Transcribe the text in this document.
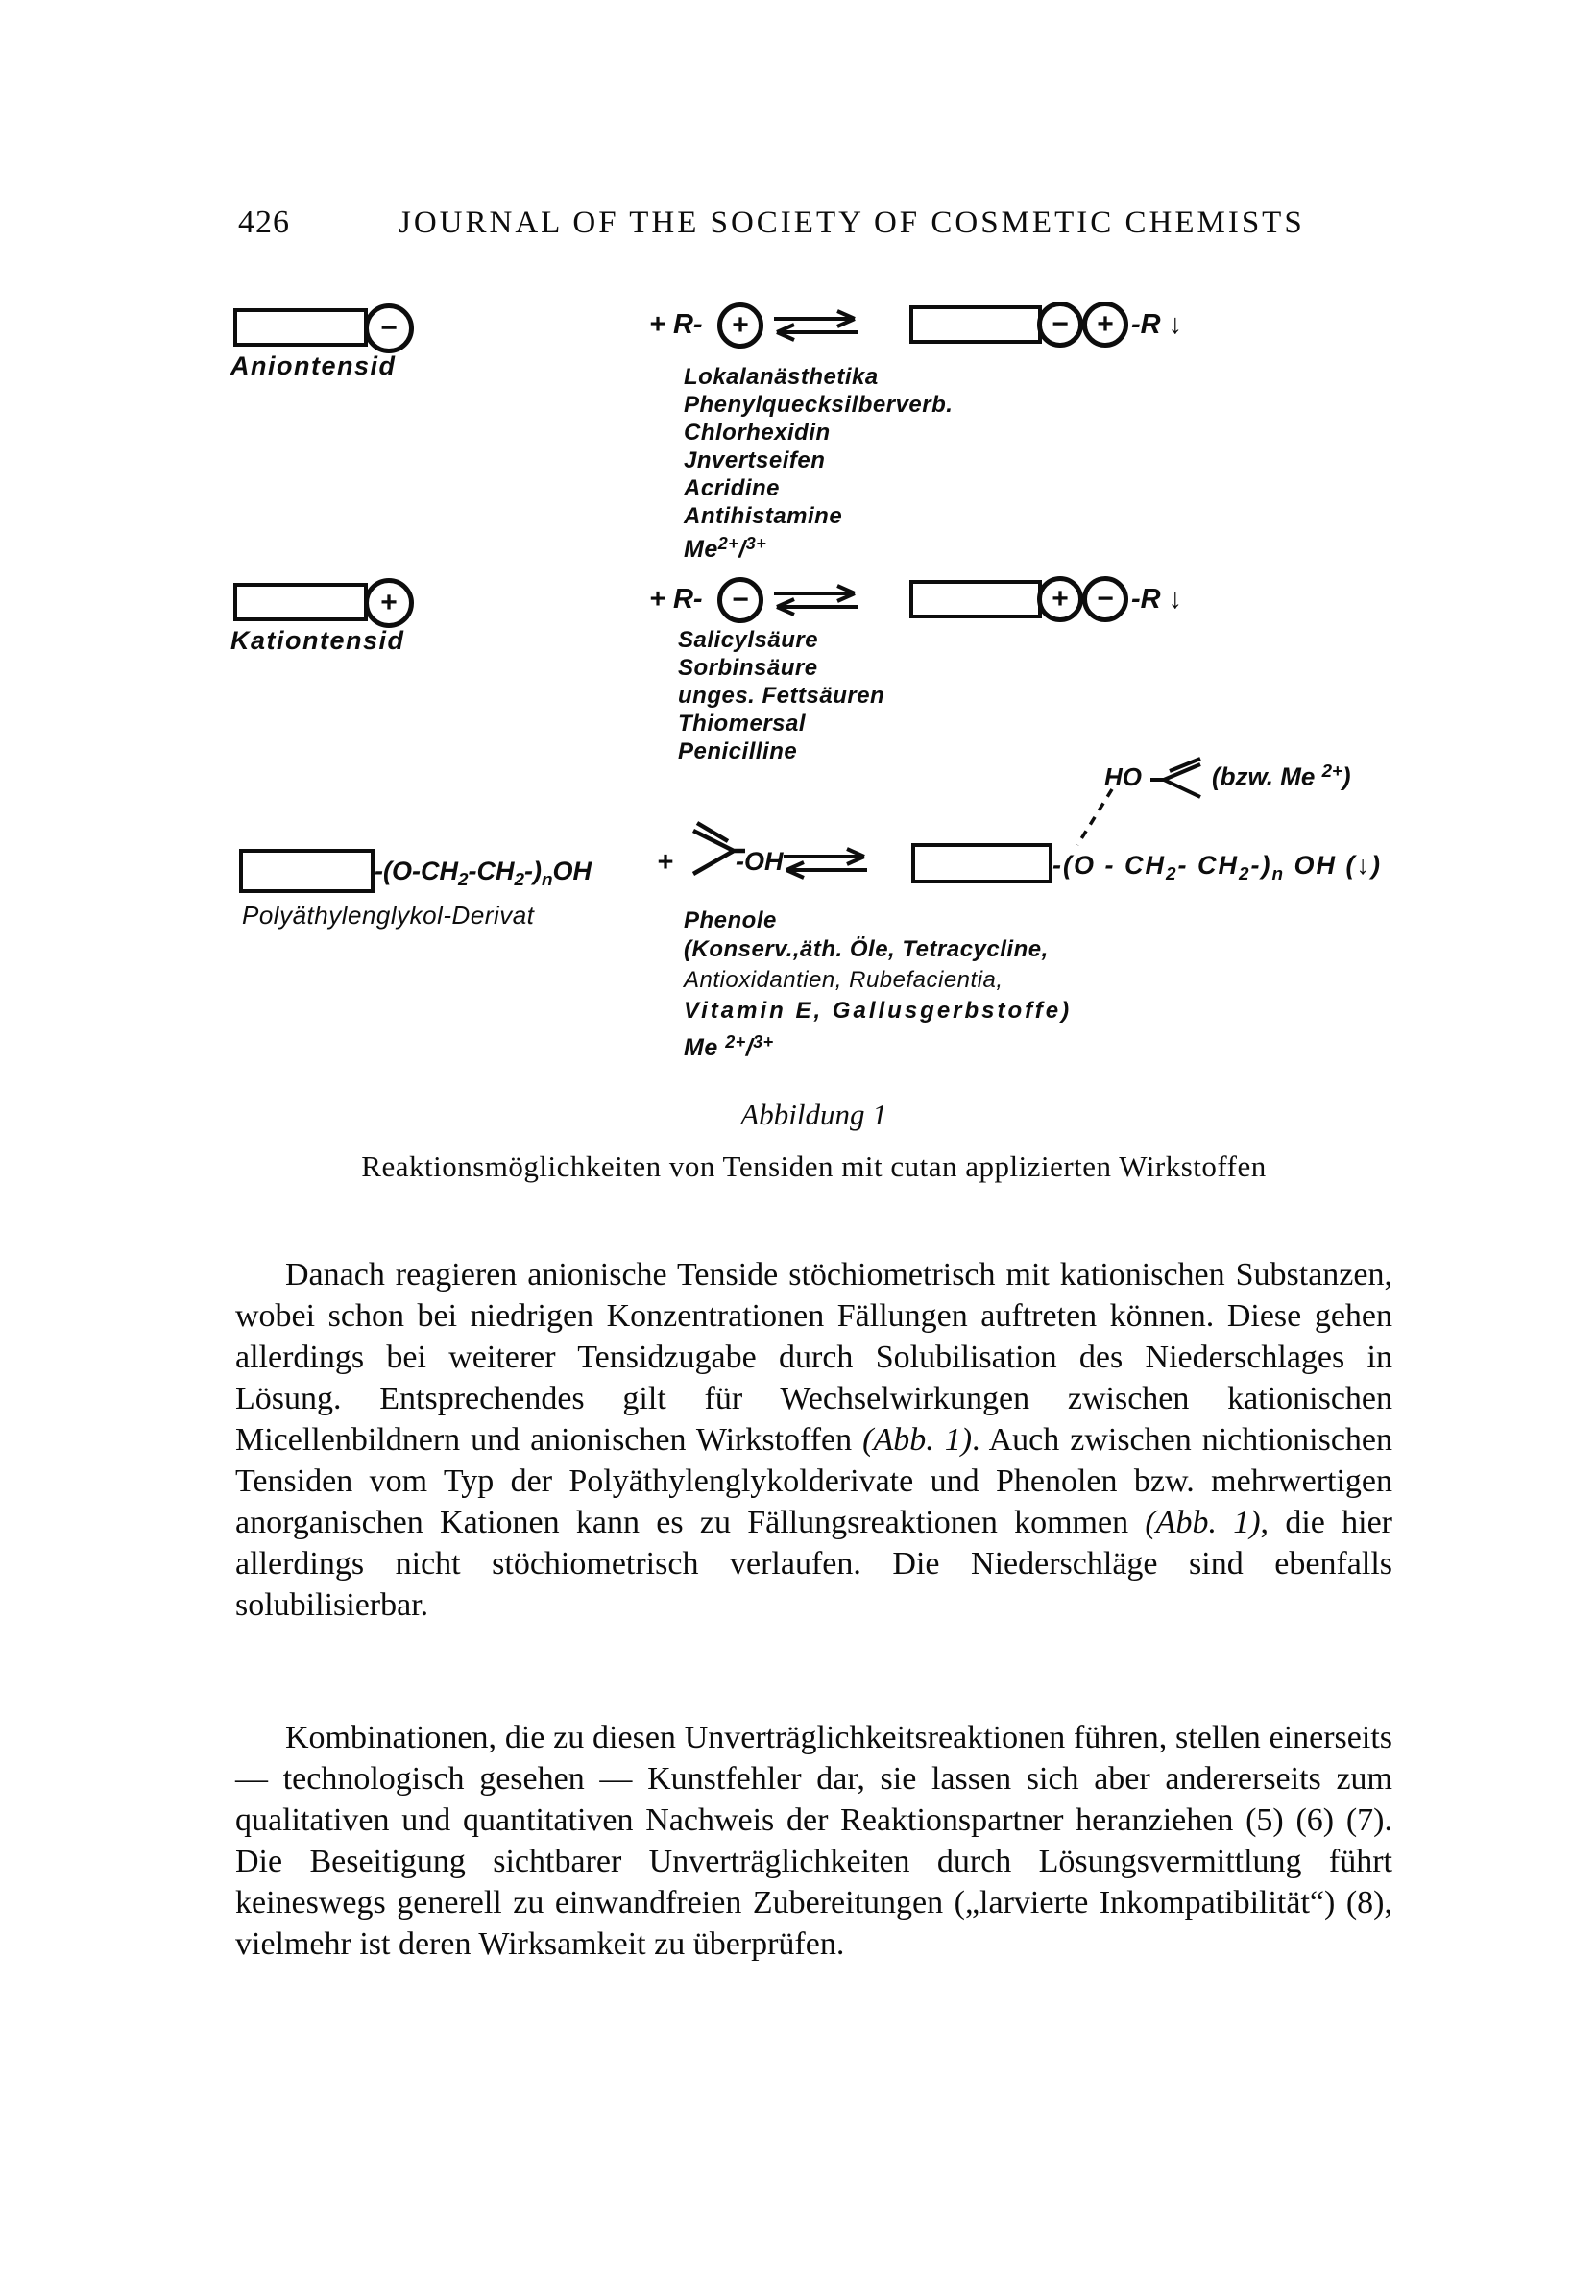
426	JOURNAL OF THE SOCIETY OF COSMETIC CHEMISTS
−
Aniontensid
+ R-	+	− + -R ↓
Lokalanästhetika
Phenylquecksilberverb.
Chlorhexidin
Jnvertseifen
Acridine
Antihistamine
$Me^{2+}/^{3+}$
+
Kationtensid
+ R-	−	+ − -R ↓
Salicylsäure
Sorbinsäure
unges. Fettsäuren
Thiomersal
Penicilline
HO	(bzw. Me $^{2+}$)
$-(O-CH_2-CH_2-)_nOH$
Polyäthylenglykol-Derivat
+ -OH	$-(O - CH_2-$ $CH_2-)_n$ OH (↓)
Phenole
(Konserv.,äth. Öle, Tetracycline,
Antioxidantien, Rubefacientia,
Vitamin E, Gallusgerbstoffe)
Me $^{2+}$/$^{3+}$
Abbildung 1
Reaktionsmöglichkeiten von Tensiden mit cutan applizierten Wirkstoffen
Danach reagieren anionische Tenside stöchiometrisch mit kationischen Substanzen, wobei schon bei niedrigen Konzentrationen Fällungen auftreten können. Diese gehen allerdings bei weiterer Tensidzugabe durch Solubilisation des Niederschlages in Lösung. Entsprechendes gilt für Wechselwirkungen zwischen kationischen Micellenbildnern und anionischen Wirkstoffen (Abb. 1). Auch zwischen nichtionischen Tensiden vom Typ der Polyäthylenglykolderivate und Phenolen bzw. mehrwertigen anorganischen Kationen kann es zu Fällungsreaktionen kommen (Abb. 1), die hier allerdings nicht stöchiometrisch verlaufen. Die Niederschläge sind ebenfalls solubilisierbar.
Kombinationen, die zu diesen Unverträglichkeitsreaktionen führen, stellen einerseits — technologisch gesehen — Kunstfehler dar, sie lassen sich aber andererseits zum qualitativen und quantitativen Nachweis der Reaktionspartner heranziehen (5) (6) (7). Die Beseitigung sichtbarer Unverträglichkeiten durch Lösungsvermittlung führt keineswegs generell zu einwandfreien Zubereitungen („larvierte Inkompatibilität“) (8), vielmehr ist deren Wirksamkeit zu überprüfen.
